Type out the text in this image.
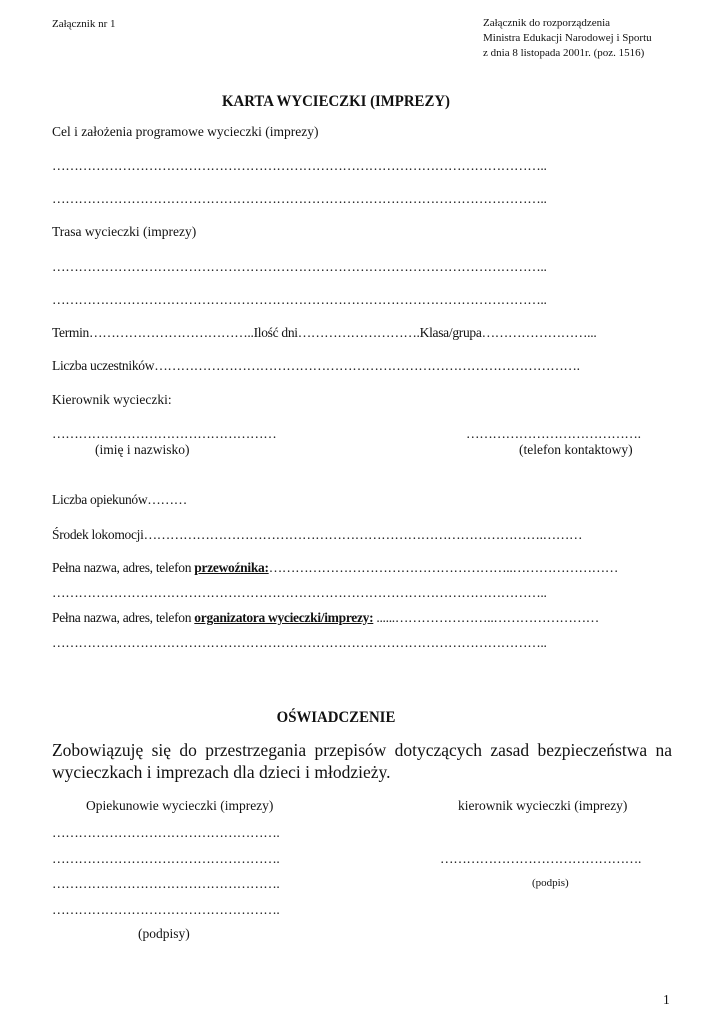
Załącznik nr 1	Załącznik do rozporządzenia
Ministra Edukacji Narodowej i Sportu
z dnia 8 listopada 2001r. (poz. 1516)
KARTA WYCIECZKI (IMPREZY)
Cel i założenia programowe wycieczki (imprezy)
…………………………………………………………………………………………………..
…………………………………………………………………………………………………..
Trasa wycieczki (imprezy)
…………………………………………………………………………………………………..
…………………………………………………………………………………………………..
Termin………………………………..Ilość dni……………………….Klasa/grupa……………………...
Liczba uczestników…………………………………………………………………………………….
Kierownik wycieczki:
……………………………………………	………………………………….
(imię i nazwisko)	(telefon kontaktowy)
Liczba opiekunów………
Środek lokomocji……………………………………………………………………………….………
Pełna nazwa, adres, telefon przewoźnika:………………………………………………..……………………
…………………………………………………………………………………………………..
Pełna nazwa, adres, telefon organizatora wycieczki/imprezy: ......…………………..……………………
…………………………………………………………………………………………………..
OŚWIADCZENIE
Zobowiązuję się do przestrzegania przepisów dotyczących zasad bezpieczeństwa na
wycieczkach i imprezach dla dzieci i młodzieży.
Opiekunowie wycieczki (imprezy)	kierownik wycieczki (imprezy)
…………………………………………….
…………………………………………….
…………………………………………….
…………………………………………….
……………………………………….
(podpis)
(podpisy)
1
